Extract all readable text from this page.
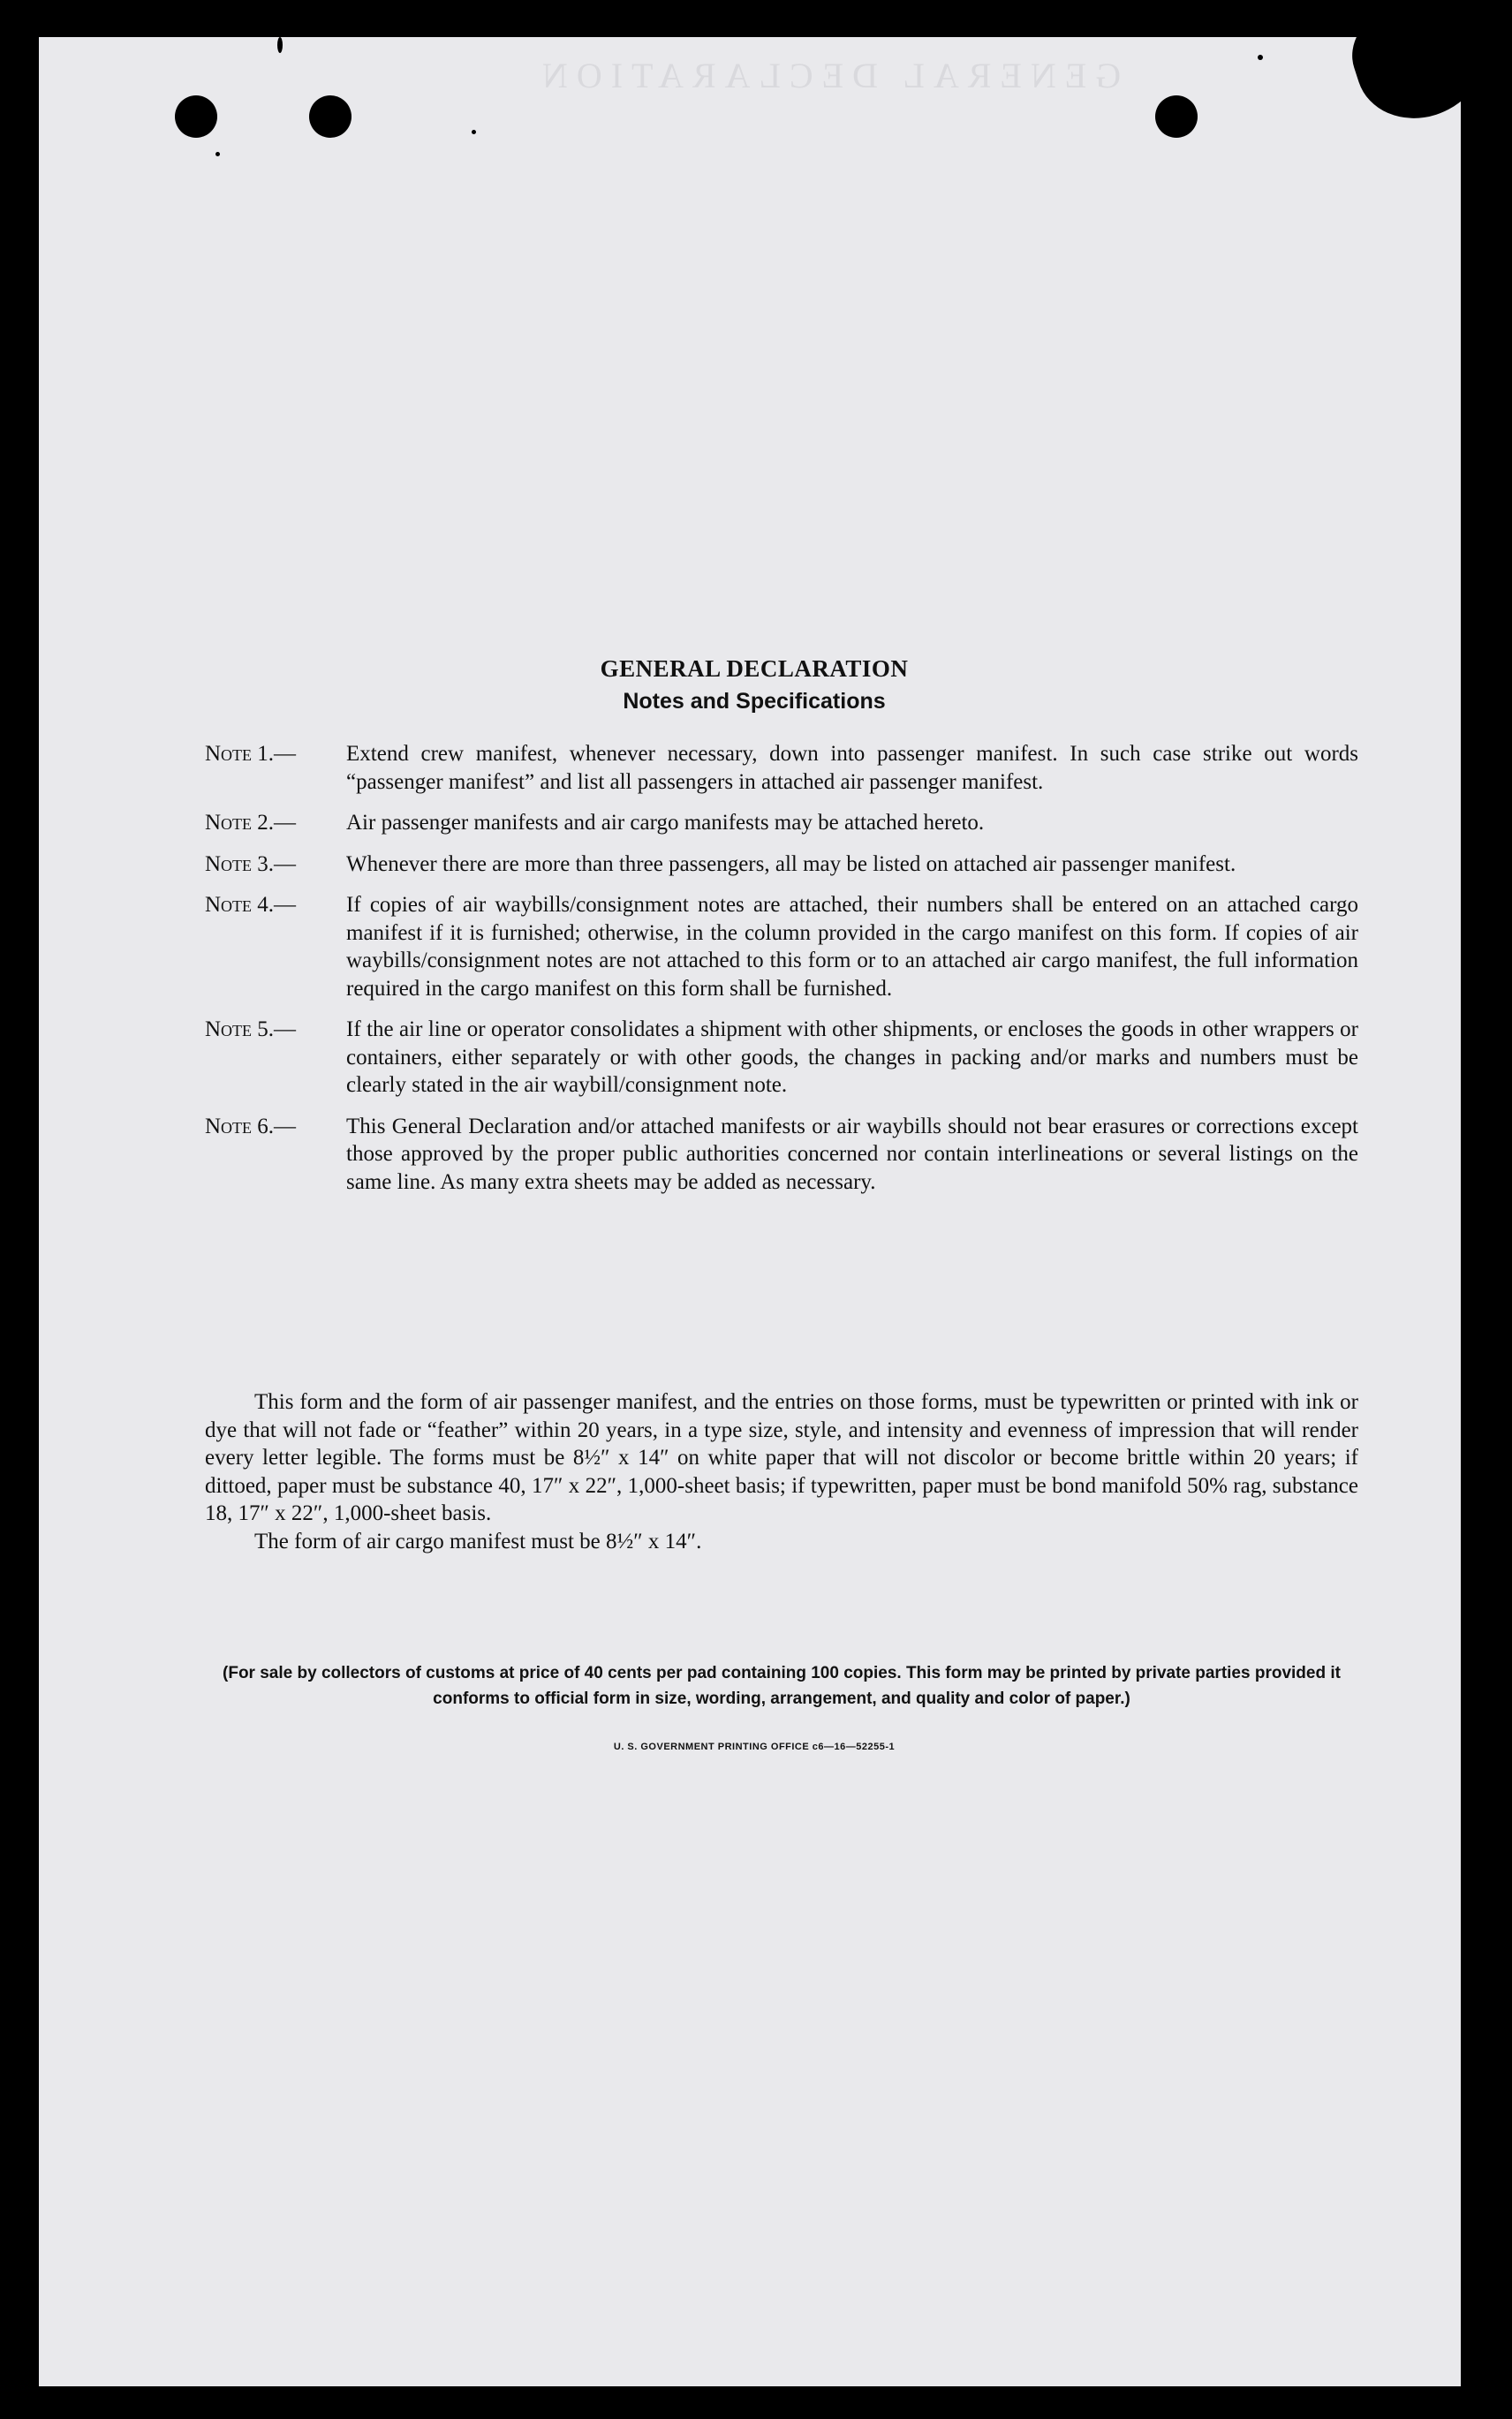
GENERAL DECLARATION
GENERAL DECLARATION
Notes and Specifications
Note 1.—	Extend crew manifest, whenever necessary, down into passenger manifest. In such case strike out words “passenger manifest” and list all passengers in attached air passenger manifest.
Note 2.—	Air passenger manifests and air cargo manifests may be attached hereto.
Note 3.—	Whenever there are more than three passengers, all may be listed on attached air passenger manifest.
Note 4.—	If copies of air waybills/consignment notes are attached, their numbers shall be entered on an attached cargo manifest if it is furnished; otherwise, in the column provided in the cargo manifest on this form. If copies of air waybills/consignment notes are not attached to this form or to an attached air cargo manifest, the full information required in the cargo manifest on this form shall be furnished.
Note 5.—	If the air line or operator consolidates a shipment with other shipments, or encloses the goods in other wrappers or containers, either separately or with other goods, the changes in packing and/or marks and numbers must be clearly stated in the air waybill/consignment note.
Note 6.—	This General Declaration and/or attached manifests or air waybills should not bear erasures or corrections except those approved by the proper public authorities concerned nor contain interlineations or several listings on the same line. As many extra sheets may be added as necessary.

This form and the form of air passenger manifest, and the entries on those forms, must be typewritten or printed with ink or dye that will not fade or “feather” within 20 years, in a type size, style, and intensity and evenness of impression that will render every letter legible. The forms must be 8½″ x 14″ on white paper that will not discolor or become brittle within 20 years; if dittoed, paper must be substance 40, 17″ x 22″, 1,000-sheet basis; if typewritten, paper must be bond manifold 50% rag, substance 18, 17″ x 22″, 1,000-sheet basis.

The form of air cargo manifest must be 8½″ x 14″.

(For sale by collectors of customs at price of 40 cents per pad containing 100 copies. This form may be printed by private parties provided it conforms to official form in size, wording, arrangement, and quality and color of paper.)
U. S. GOVERNMENT PRINTING OFFICE c6—16—52255-1
